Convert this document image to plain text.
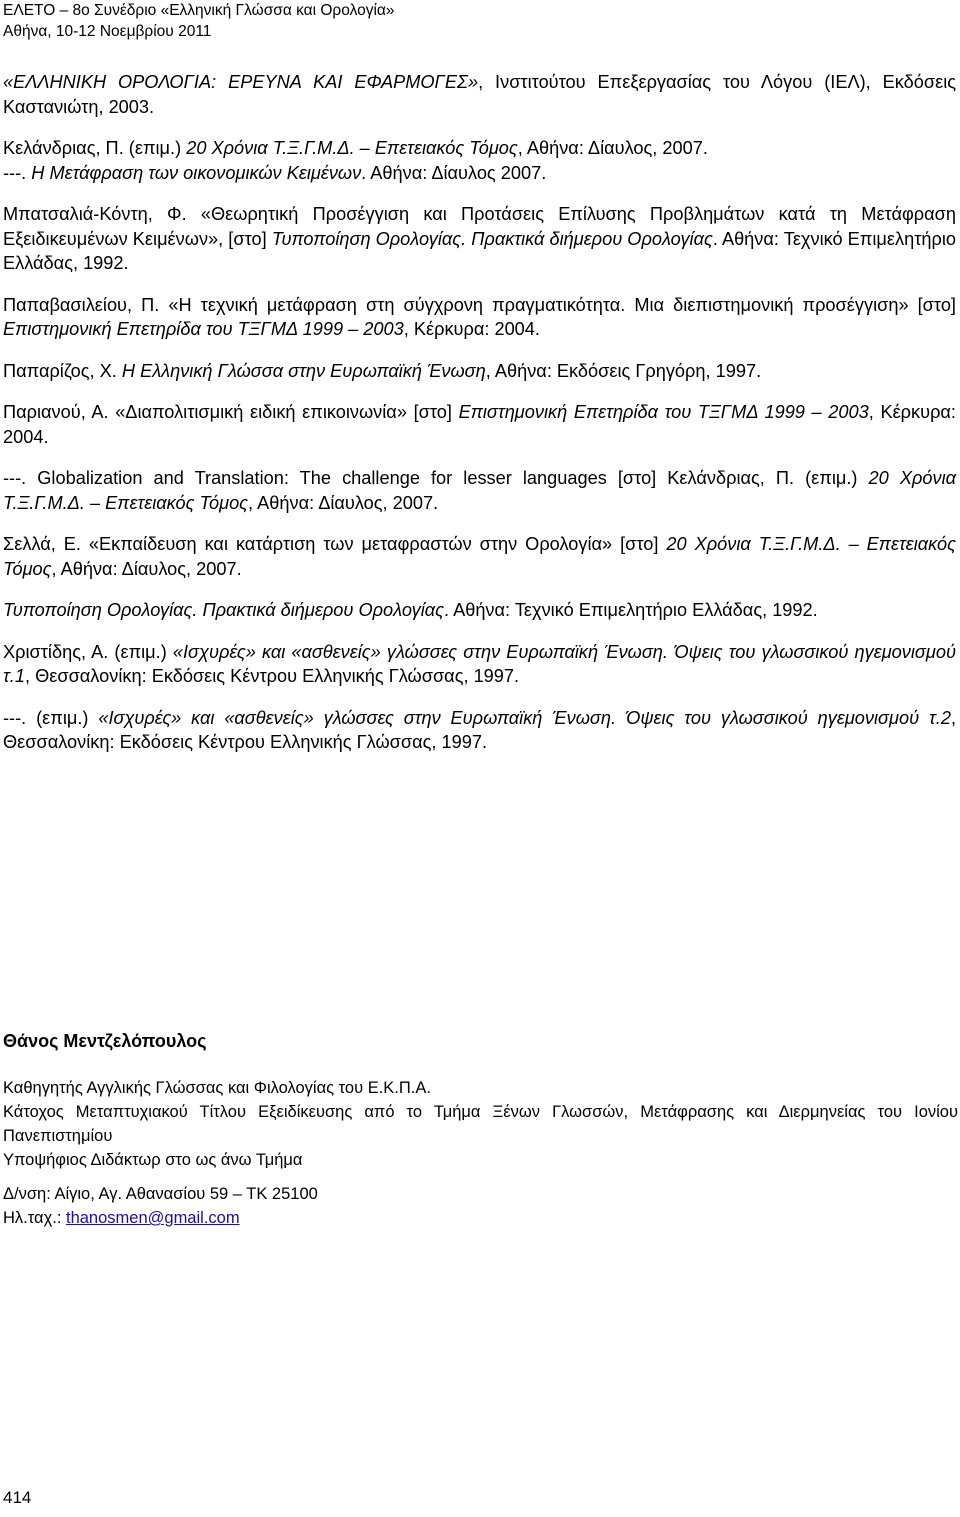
ΕΛΕΤΟ – 8ο Συνέδριο «Ελληνική Γλώσσα και Ορολογία»
Αθήνα, 10-12 Νοεμβρίου 2011
«ΕΛΛΗΝΙΚΗ ΟΡΟΛΟΓΙΑ: ΕΡΕΥΝΑ ΚΑΙ ΕΦΑΡΜΟΓΕΣ», Ινστιτούτου Επεξεργασίας του Λόγου (ΙΕΛ), Εκδόσεις Καστανιώτη, 2003.
Κελάνδριας, Π. (επιμ.) 20 Χρόνια Τ.Ξ.Γ.Μ.Δ. – Επετειακός Τόμος, Αθήνα: Δίαυλος, 2007.
---. Η Μετάφραση των οικονομικών Κειμένων. Αθήνα: Δίαυλος 2007.
Μπατσαλιά-Κόντη, Φ. «Θεωρητική Προσέγγιση και Προτάσεις Επίλυσης Προβλημάτων κατά τη Μετάφραση Εξειδικευμένων Κειμένων», [στο] Τυποποίηση Ορολογίας. Πρακτικά διήμερου Ορολογίας. Αθήνα: Τεχνικό Επιμελητήριο Ελλάδας, 1992.
Παπαβασιλείου, Π. «Η τεχνική μετάφραση στη σύγχρονη πραγματικότητα. Μια διεπιστημονική προσέγγιση» [στο] Επιστημονική Επετηρίδα του ΤΞΓΜΔ 1999 – 2003, Κέρκυρα: 2004.
Παπαρίζος, Χ. Η Ελληνική Γλώσσα στην Ευρωπαϊκή Ένωση, Αθήνα: Εκδόσεις Γρηγόρη, 1997.
Παριανού, Α. «Διαπολιτισμική ειδική επικοινωνία» [στο] Επιστημονική Επετηρίδα του ΤΞΓΜΔ 1999 – 2003, Κέρκυρα: 2004.
---. Globalization and Translation: The challenge for lesser languages [στο] Κελάνδριας, Π. (επιμ.) 20 Χρόνια Τ.Ξ.Γ.Μ.Δ. – Επετειακός Τόμος, Αθήνα: Δίαυλος, 2007.
Σελλά, Ε. «Εκπαίδευση και κατάρτιση των μεταφραστών στην Ορολογία» [στο] 20 Χρόνια Τ.Ξ.Γ.Μ.Δ. – Επετειακός Τόμος, Αθήνα: Δίαυλος, 2007.
Τυποποίηση Ορολογίας. Πρακτικά διήμερου Ορολογίας. Αθήνα: Τεχνικό Επιμελητήριο Ελλάδας, 1992.
Χριστίδης, Α. (επιμ.) «Ισχυρές» και «ασθενείς» γλώσσες στην Ευρωπαϊκή Ένωση. Όψεις του γλωσσικού ηγεμονισμού τ.1, Θεσσαλονίκη: Εκδόσεις Κέντρου Ελληνικής Γλώσσας, 1997.
---. (επιμ.) «Ισχυρές» και «ασθενείς» γλώσσες στην Ευρωπαϊκή Ένωση. Όψεις του γλωσσικού ηγεμονισμού τ.2, Θεσσαλονίκη: Εκδόσεις Κέντρου Ελληνικής Γλώσσας, 1997.
Θάνος Μεντζελόπουλος
Καθηγητής Αγγλικής Γλώσσας και Φιλολογίας του Ε.Κ.Π.Α.
Κάτοχος Μεταπτυχιακού Τίτλου Εξειδίκευσης από το Τμήμα Ξένων Γλωσσών, Μετάφρασης και Διερμηνείας του Ιονίου Πανεπιστημίου
Υποψήφιος Διδάκτωρ στο ως άνω Τμήμα
Δ/νση: Αίγιο, Αγ. Αθανασίου 59 – ΤΚ 25100
Ηλ.ταχ.: thanosmen@gmail.com
414
